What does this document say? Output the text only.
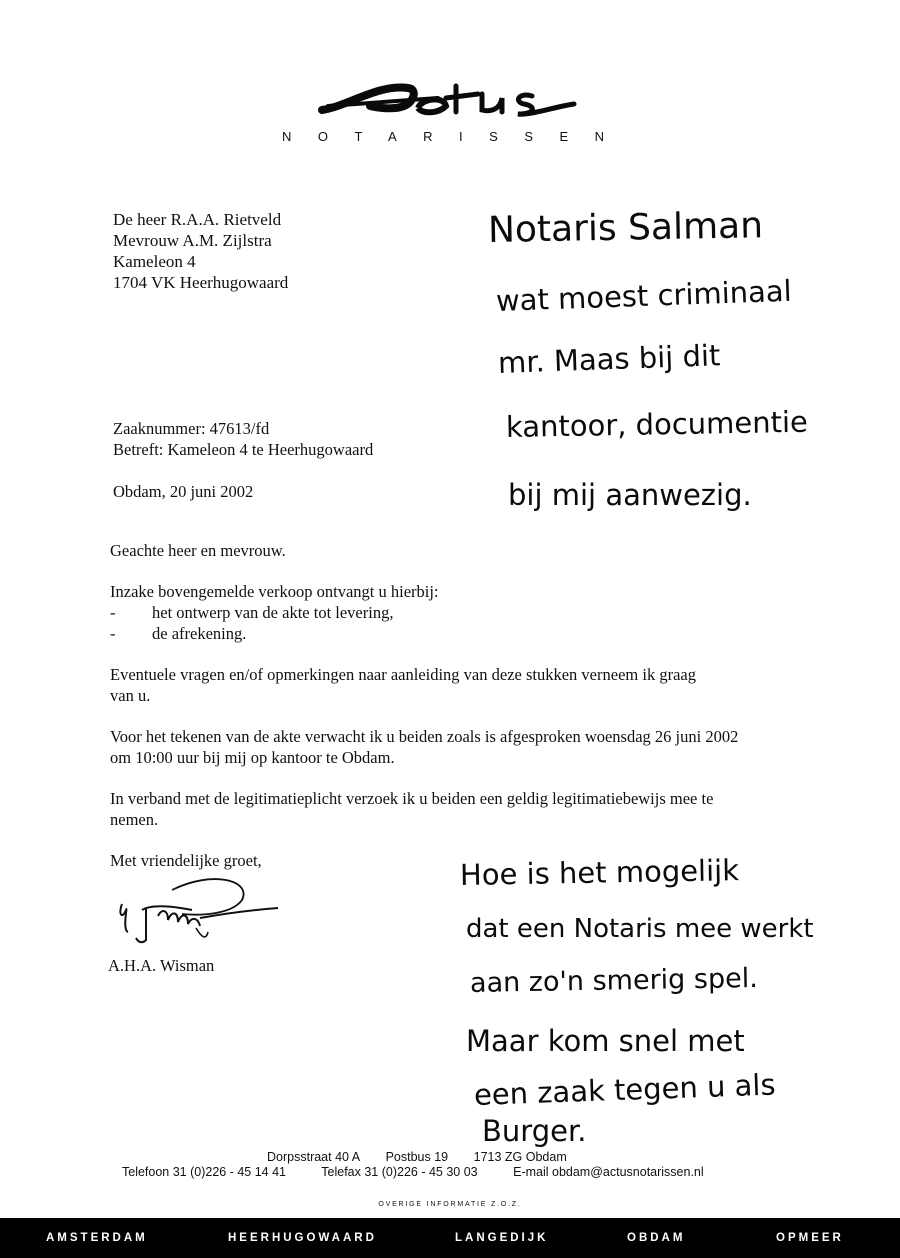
NOTARISSEN
De heer R.A.A. Rietveld
Mevrouw A.M. Zijlstra
Kameleon 4
1704 VK Heerhugowaard
Zaaknummer: 47613/fd
Betreft: Kameleon 4 te Heerhugowaard
Obdam, 20 juni 2002

Geachte heer en mevrouw.

Inzake bovengemelde verkoop ontvangt u hierbij:

-	het ontwerp van de akte tot levering,
-	de afrekening.

Eventuele vragen en/of opmerkingen naar aanleiding van deze stukken verneem ik graag van u.

Voor het tekenen van de akte verwacht ik u beiden zoals is afgesproken woensdag 26 juni 2002 om 10:00 uur bij mij op kantoor te Obdam.

In verband met de legitimatieplicht verzoek ik u beiden een geldig legitimatiebewijs mee te nemen.

Met vriendelijke groet,

A.H.A. Wisman
Notaris Salman
wat moest criminaal
mr. Maas bij dit
kantoor, documentie
bij mij aanwezig.
Hoe is het mogelijk
dat een Notaris mee werkt
aan zo'n smerig spel.
Maar kom snel met
een zaak tegen u als
Burger.
Dorpsstraat 40 A Postbus 19 1713 ZG Obdam
Telefoon 31 (0)226 - 45 14 41	Telefax 31 (0)226 - 45 30 03	E-mail obdam@actusnotarissen.nl
OVERIGE INFORMATIE Z.O.Z.
AMSTERDAM	HEERHUGOWAARD	LANGEDIJK	OBDAM	OPMEER
